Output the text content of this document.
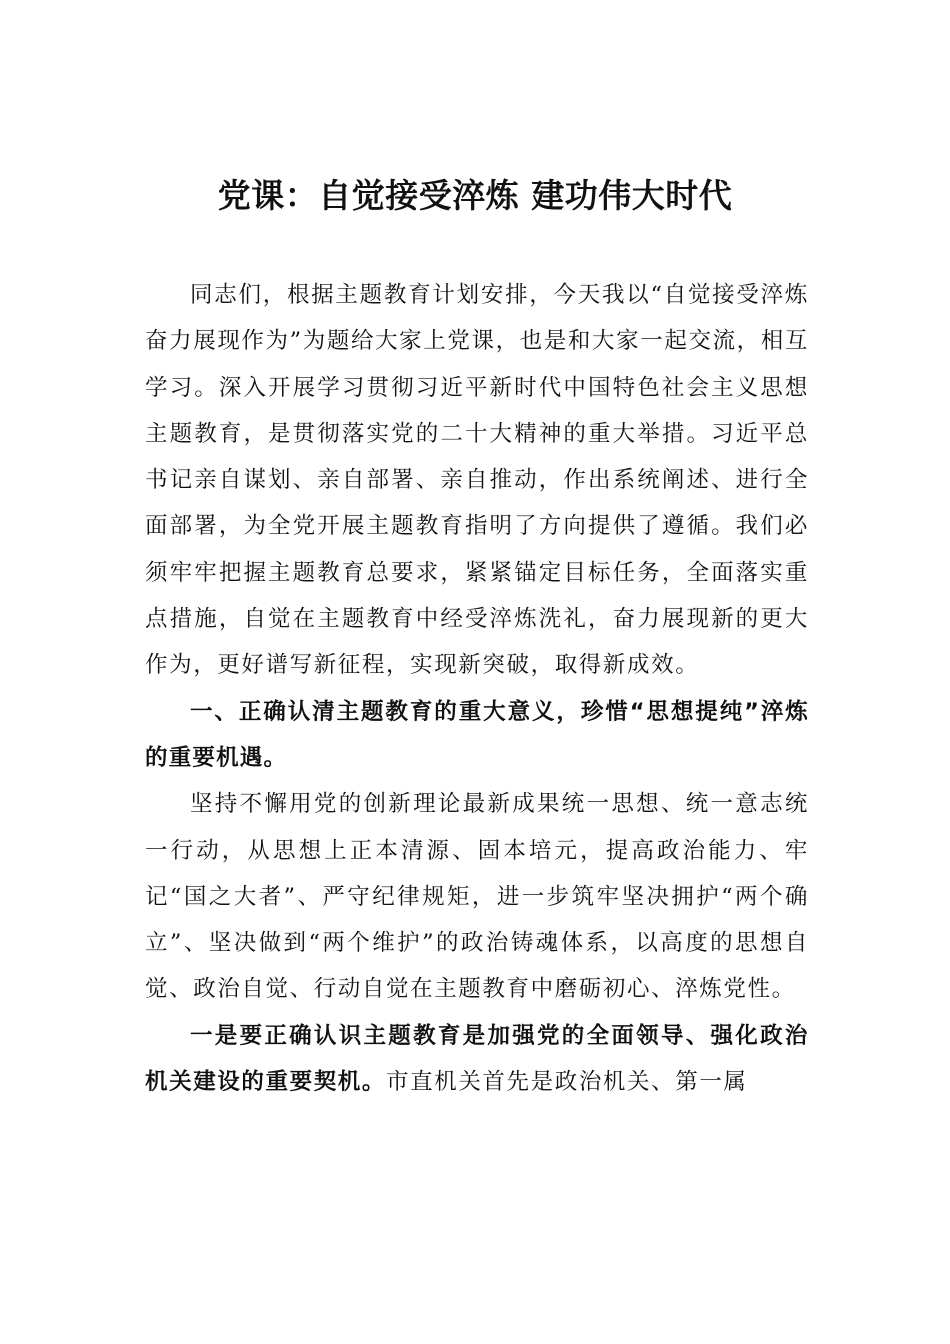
党课：自觉接受淬炼 建功伟大时代

同志们，根据主题教育计划安排，今天我以“自觉接受淬炼 奋力展现作为”为题给大家上党课，也是和大家一起交流，相互学习。深入开展学习贯彻习近平新时代中国特色社会主义思想主题教育，是贯彻落实党的二十大精神的重大举措。习近平总书记亲自谋划、亲自部署、亲自推动，作出系统阐述、进行全面部署，为全党开展主题教育指明了方向提供了遵循。我们必须牢牢把握主题教育总要求，紧紧锚定目标任务，全面落实重点措施，自觉在主题教育中经受淬炼洗礼，奋力展现新的更大作为，更好谱写新征程，实现新突破，取得新成效。

一、正确认清主题教育的重大意义，珍惜“思想提纯”淬炼的重要机遇。

坚持不懈用党的创新理论最新成果统一思想、统一意志统一行动，从思想上正本清源、固本培元，提高政治能力、牢记“国之大者”、严守纪律规矩，进一步筑牢坚决拥护“两个确立”、坚决做到“两个维护”的政治铸魂体系，以高度的思想自觉、政治自觉、行动自觉在主题教育中磨砺初心、淬炼党性。

一是要正确认识主题教育是加强党的全面领导、强化政治机关建设的重要契机。市直机关首先是政治机关、第一属
